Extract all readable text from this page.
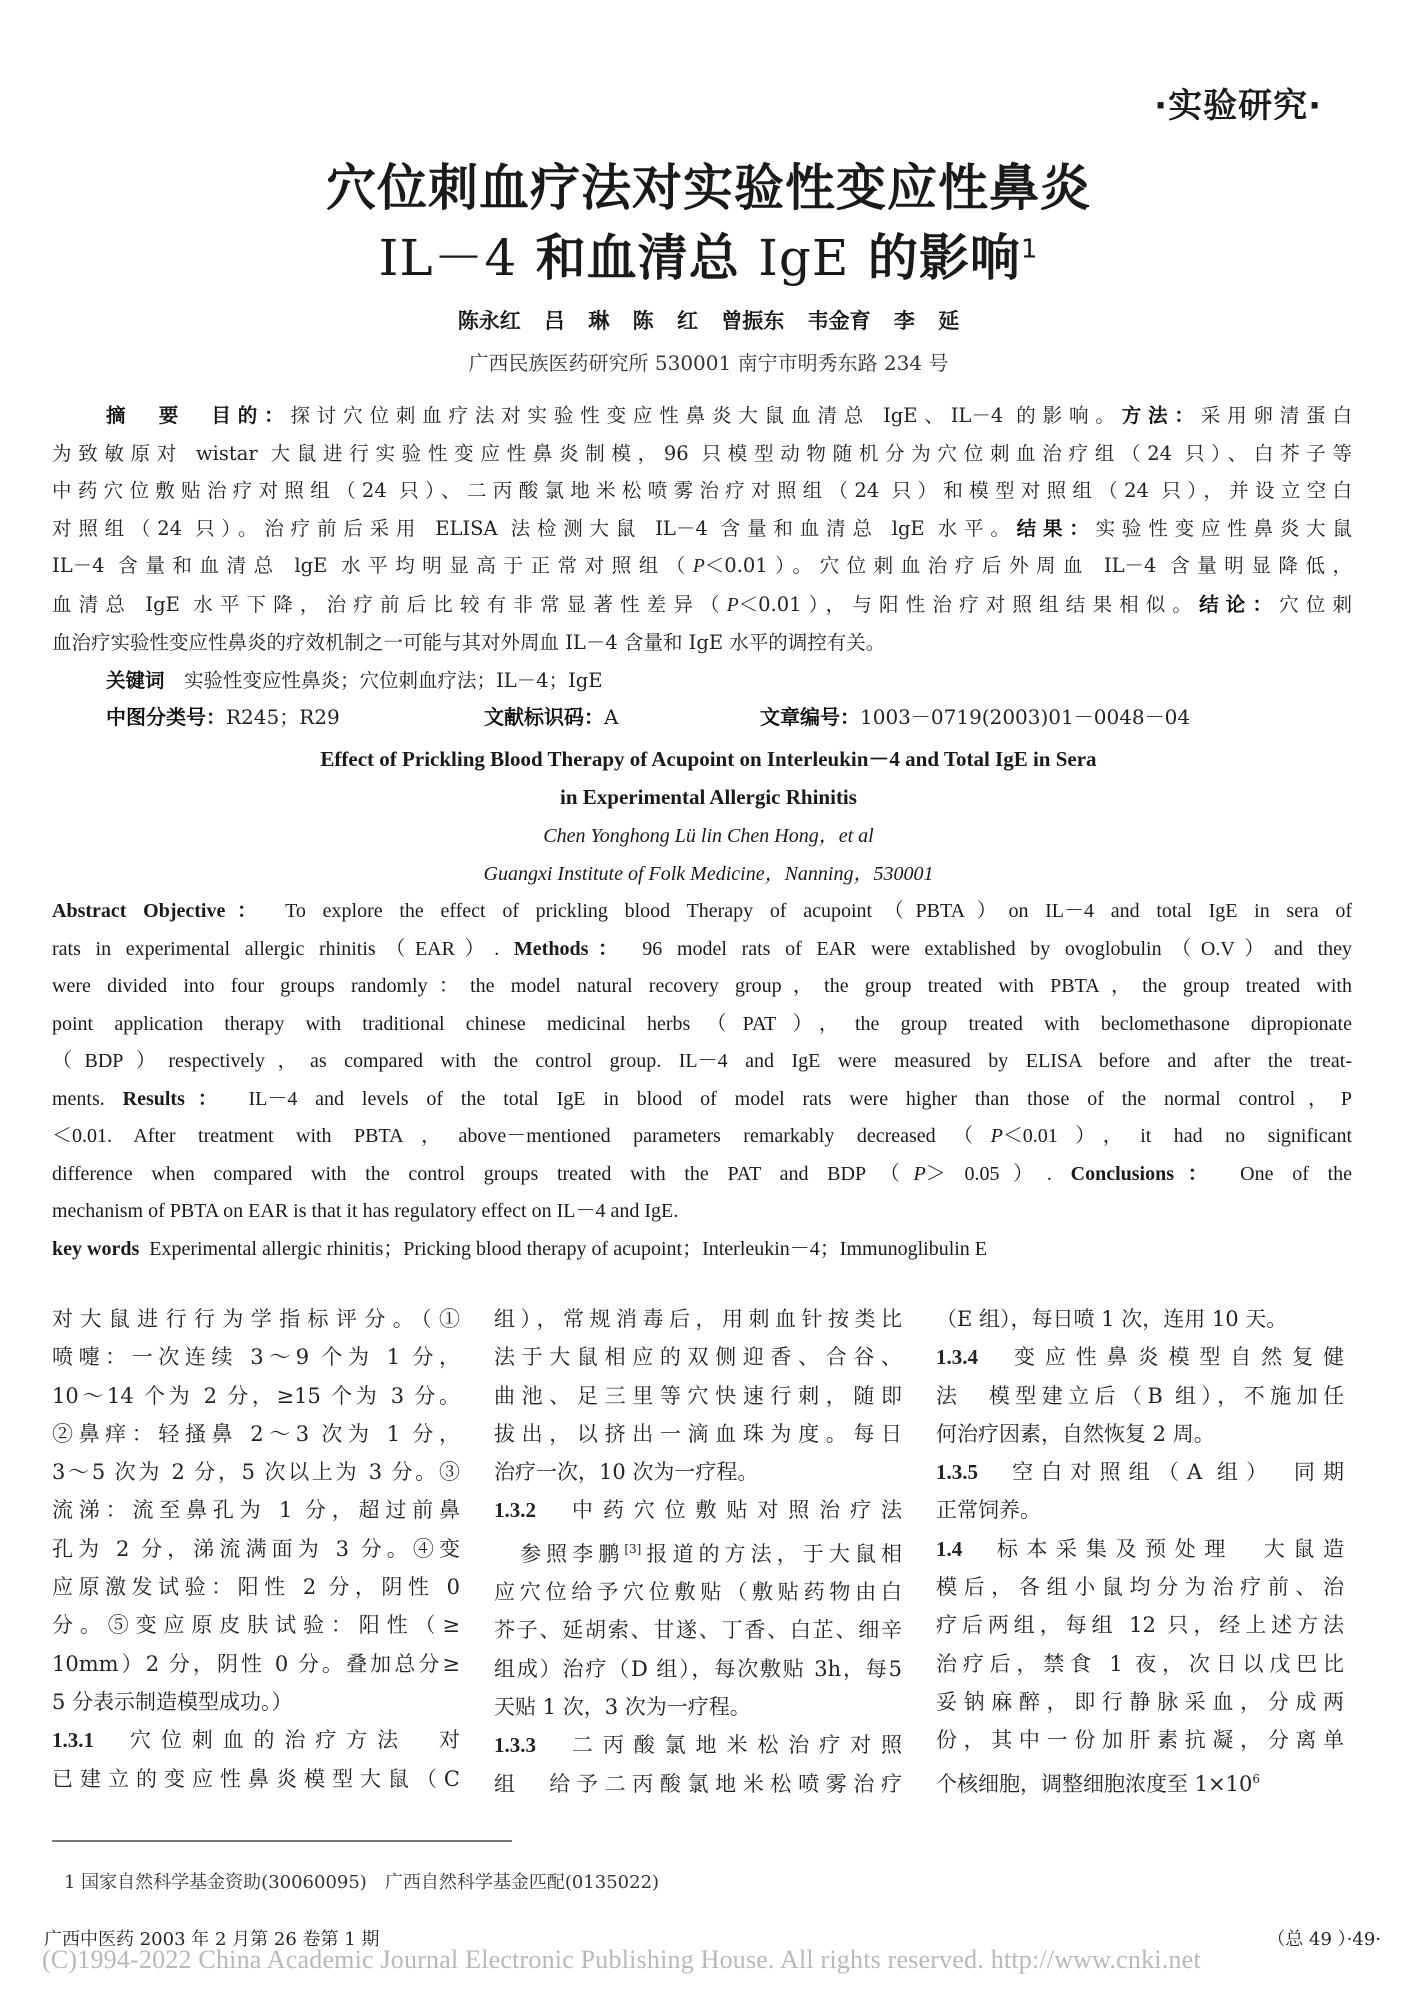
·实验研究·
穴位刺血疗法对实验性变应性鼻炎
IL－4 和血清总 IgE 的影响$^1$
陈永红 吕 琳 陈 红 曾振东 韦金育 李 延
广西民族医药研究所 530001 南宁市明秀东路 234 号
摘　要　目的：探讨穴位刺血疗法对实验性变应性鼻炎大鼠血清总 IgE、IL－4 的影响。方法：采用卵清蛋白
为致敏原对 wistar 大鼠进行实验性变应性鼻炎制模，96 只模型动物随机分为穴位刺血治疗组（24 只）、白芥子等
中药穴位敷贴治疗对照组（24 只）、二丙酸氯地米松喷雾治疗对照组（24 只）和模型对照组（24 只），并设立空白
对照组（24 只）。治疗前后采用 ELISA 法检测大鼠 IL－4 含量和血清总 lgE 水平。结果：实验性变应性鼻炎大鼠
IL－4 含量和血清总 lgE 水平均明显高于正常对照组（P＜0.01）。穴位刺血治疗后外周血 IL－4 含量明显降低，
血清总 IgE 水平下降，治疗前后比较有非常显著性差异（P＜0.01），与阳性治疗对照组结果相似。结论：穴位刺
血治疗实验性变应性鼻炎的疗效机制之一可能与其对外周血 IL－4 含量和 IgE 水平的调控有关。
关键词　 实验性变应性鼻炎；穴位刺血疗法；IL－4；IgE
中图分类号：R245；R29	文献标识码：A	文章编号：1003－0719(2003)01－0048－04
Effect of Prickling Blood Therapy of Acupoint on Interleukin－4 and Total IgE in Sera
in Experimental Allergic Rhinitis
Chen Yonghong Lü lin Chen Hong，et al
Guangxi Institute of Folk Medicine，Nanning，530001
Abstract Objective： To explore the effect of prickling blood Therapy of acupoint（PBTA）on IL－4 and total IgE in sera of
rats in experimental allergic rhinitis（EAR）. Methods： 96 model rats of EAR were extablished by ovoglobulin（O.V）and they
were divided into four groups randomly：the model natural recovery group，the group treated with PBTA，the group treated with
point application therapy with traditional chinese medicinal herbs（PAT），the group treated with beclomethasone dipropionate
（BDP）respectively，as compared with the control group. IL－4 and IgE were measured by ELISA before and after the treat-
ments. Results： IL－4 and levels of the total IgE in blood of model rats were higher than those of the normal control，P
＜0.01. After treatment with PBTA，above－mentioned parameters remarkably decreased（P＜0.01），it had no significant
difference when compared with the control groups treated with the PAT and BDP（P＞ 0.05）. Conclusions： One of the
mechanism of PBTA on EAR is that it has regulatory effect on IL－4 and IgE.
key words Experimental allergic rhinitis；Pricking blood therapy of acupoint；Interleukin－4；Immunoglibulin E
对大鼠进行行为学指标评分。（①
喷嚏：一次连续 3～9 个为 1 分，
10～14 个为 2 分，≥15 个为 3 分。
②鼻痒：轻搔鼻 2～3 次为 1 分，
3～5 次为 2 分，5 次以上为 3 分。③
流涕：流至鼻孔为 1 分，超过前鼻
孔为 2 分，涕流满面为 3 分。④变
应原激发试验：阳性 2 分，阴性 0
分。⑤变应原皮肤试验：阳性（≥
10mm）2 分，阴性 0 分。叠加总分≥
5 分表示制造模型成功。）
1.3.1 穴位刺血的治疗方法　对
已建立的变应性鼻炎模型大鼠（C
组），常规消毒后，用刺血针按类比
法于大鼠相应的双侧迎香、合谷、
曲池、足三里等穴快速行刺，随即
拔出，以挤出一滴血珠为度。每日
治疗一次，10 次为一疗程。
1.3.2 中药穴位敷贴对照治疗法
　参照李鹏[3]报道的方法，于大鼠相
应穴位给予穴位敷贴（敷贴药物由白
芥子、延胡索、甘遂、丁香、白芷、细辛
组成）治疗（D 组），每次敷贴 3h，每5
天贴 1 次，3 次为一疗程。
1.3.3 二丙酸氯地米松治疗对照
组　给予二丙酸氯地米松喷雾治疗
（E 组），每日喷 1 次，连用 10 天。
1.3.4 变应性鼻炎模型自然复健
法　模型建立后（B 组），不施加任
何治疗因素，自然恢复 2 周。
1.3.5 空白对照组（A 组）　同期
正常饲养。
1.4 标本采集及预处理　大鼠造
模后，各组小鼠均分为治疗前、治
疗后两组，每组 12 只，经上述方法
治疗后，禁食 1 夜，次日以戊巴比
妥钠麻醉，即行静脉采血，分成两
份，其中一份加肝素抗凝，分离单
个核细胞，调整细胞浓度至 $1\times 10^6$
1 国家自然科学基金资助(30060095)　广西自然科学基金匹配(0135022)
广西中医药 2003 年 2 月第 26 卷第 1 期	（总 49 ）·49·
(C)1994-2022 China Academic Journal Electronic Publishing House. All rights reserved. http://www.cnki.net
